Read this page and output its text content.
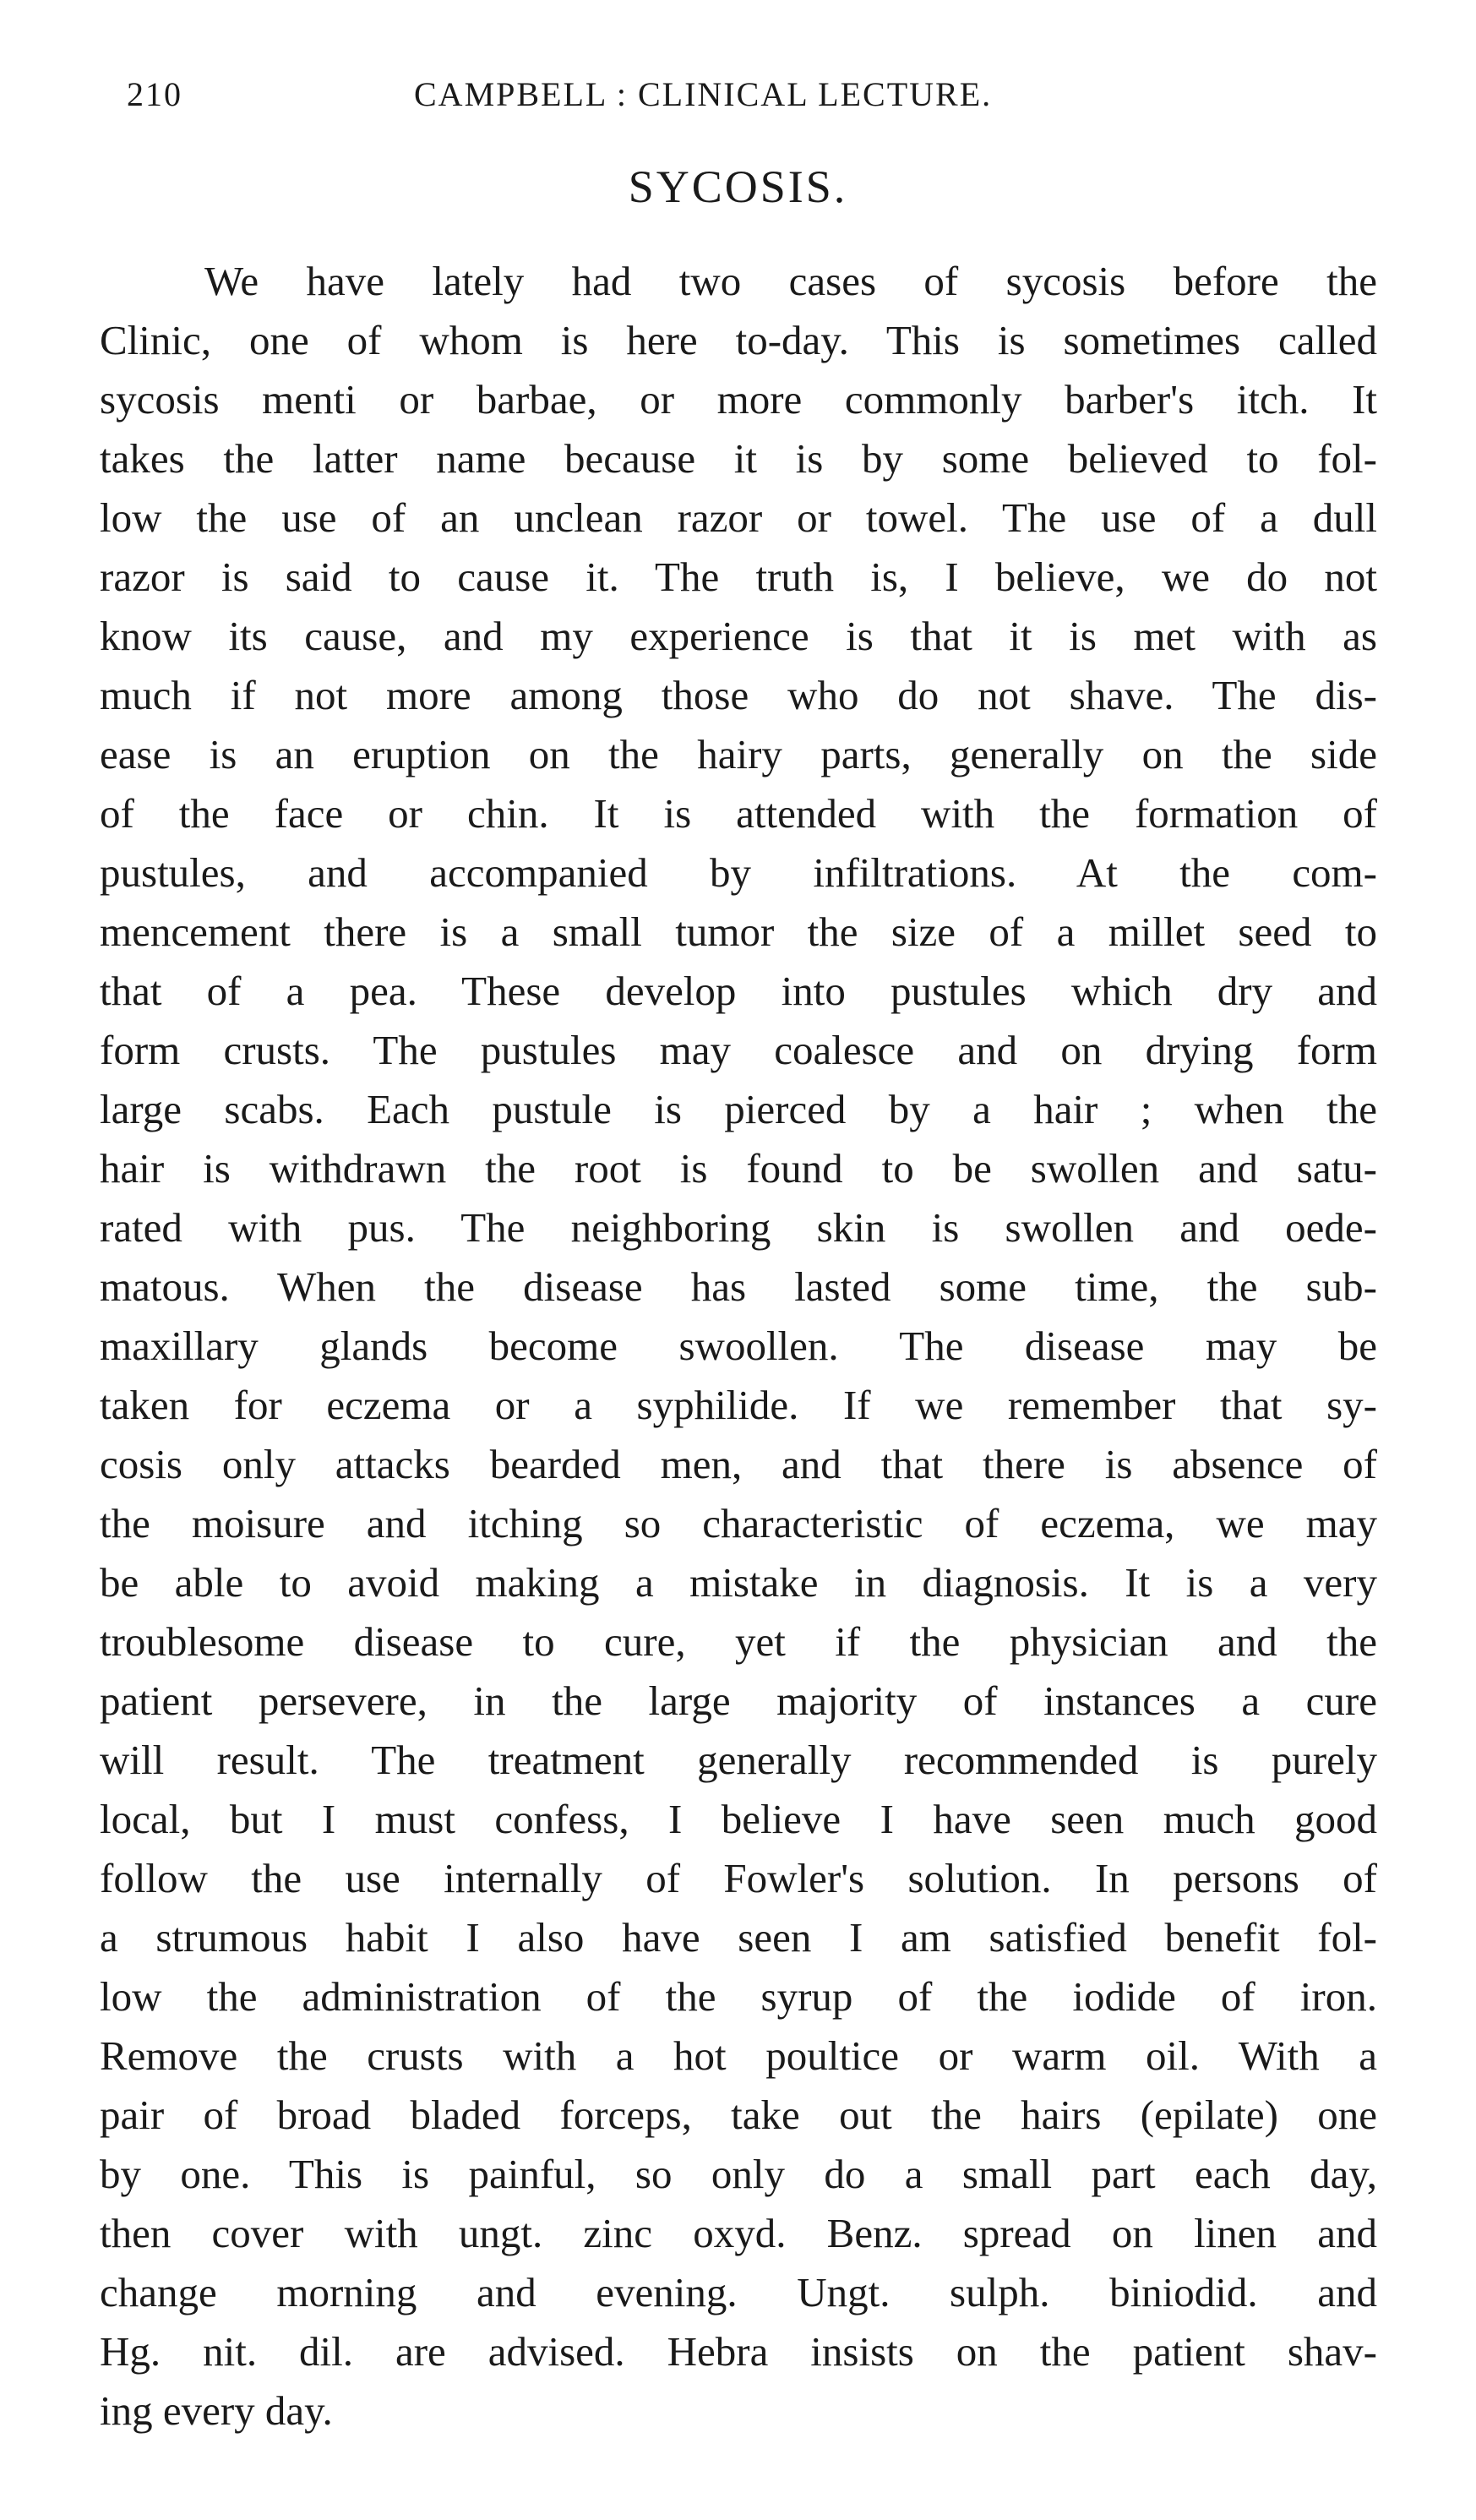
210	CAMPBELL : CLINICAL LECTURE.
SYCOSIS.
We have lately had two cases of sycosis before the
Clinic, one of whom is here to-day. This is sometimes called
sycosis menti or barbae, or more commonly barber's itch. It
takes the latter name because it is by some believed to fol-
low the use of an unclean razor or towel. The use of a dull
razor is said to cause it. The truth is, I believe, we do not
know its cause, and my experience is that it is met with as
much if not more among those who do not shave. The dis-
ease is an eruption on the hairy parts, generally on the side
of the face or chin. It is attended with the formation of
pustules, and accompanied by infiltrations. At the com-
mencement there is a small tumor the size of a millet seed to
that of a pea. These develop into pustules which dry and
form crusts. The pustules may coalesce and on drying form
large scabs. Each pustule is pierced by a hair ; when the
hair is withdrawn the root is found to be swollen and satu-
rated with pus. The neighboring skin is swollen and oede-
matous. When the disease has lasted some time, the sub-
maxillary glands become swoollen. The disease may be
taken for eczema or a syphilide. If we remember that sy-
cosis only attacks bearded men, and that there is absence of
the moisure and itching so characteristic of eczema, we may
be able to avoid making a mistake in diagnosis. It is a very
troublesome disease to cure, yet if the physician and the
patient persevere, in the large majority of instances a cure
will result. The treatment generally recommended is purely
local, but I must confess, I believe I have seen much good
follow the use internally of Fowler's solution. In persons of
a strumous habit I also have seen I am satisfied benefit fol-
low the administration of the syrup of the iodide of iron.
Remove the crusts with a hot poultice or warm oil. With a
pair of broad bladed forceps, take out the hairs (epilate) one
by one. This is painful, so only do a small part each day,
then cover with ungt. zinc oxyd. Benz. spread on linen and
change morning and evening. Ungt. sulph. biniodid. and
Hg. nit. dil. are advised. Hebra insists on the patient shav-
ing every day.
